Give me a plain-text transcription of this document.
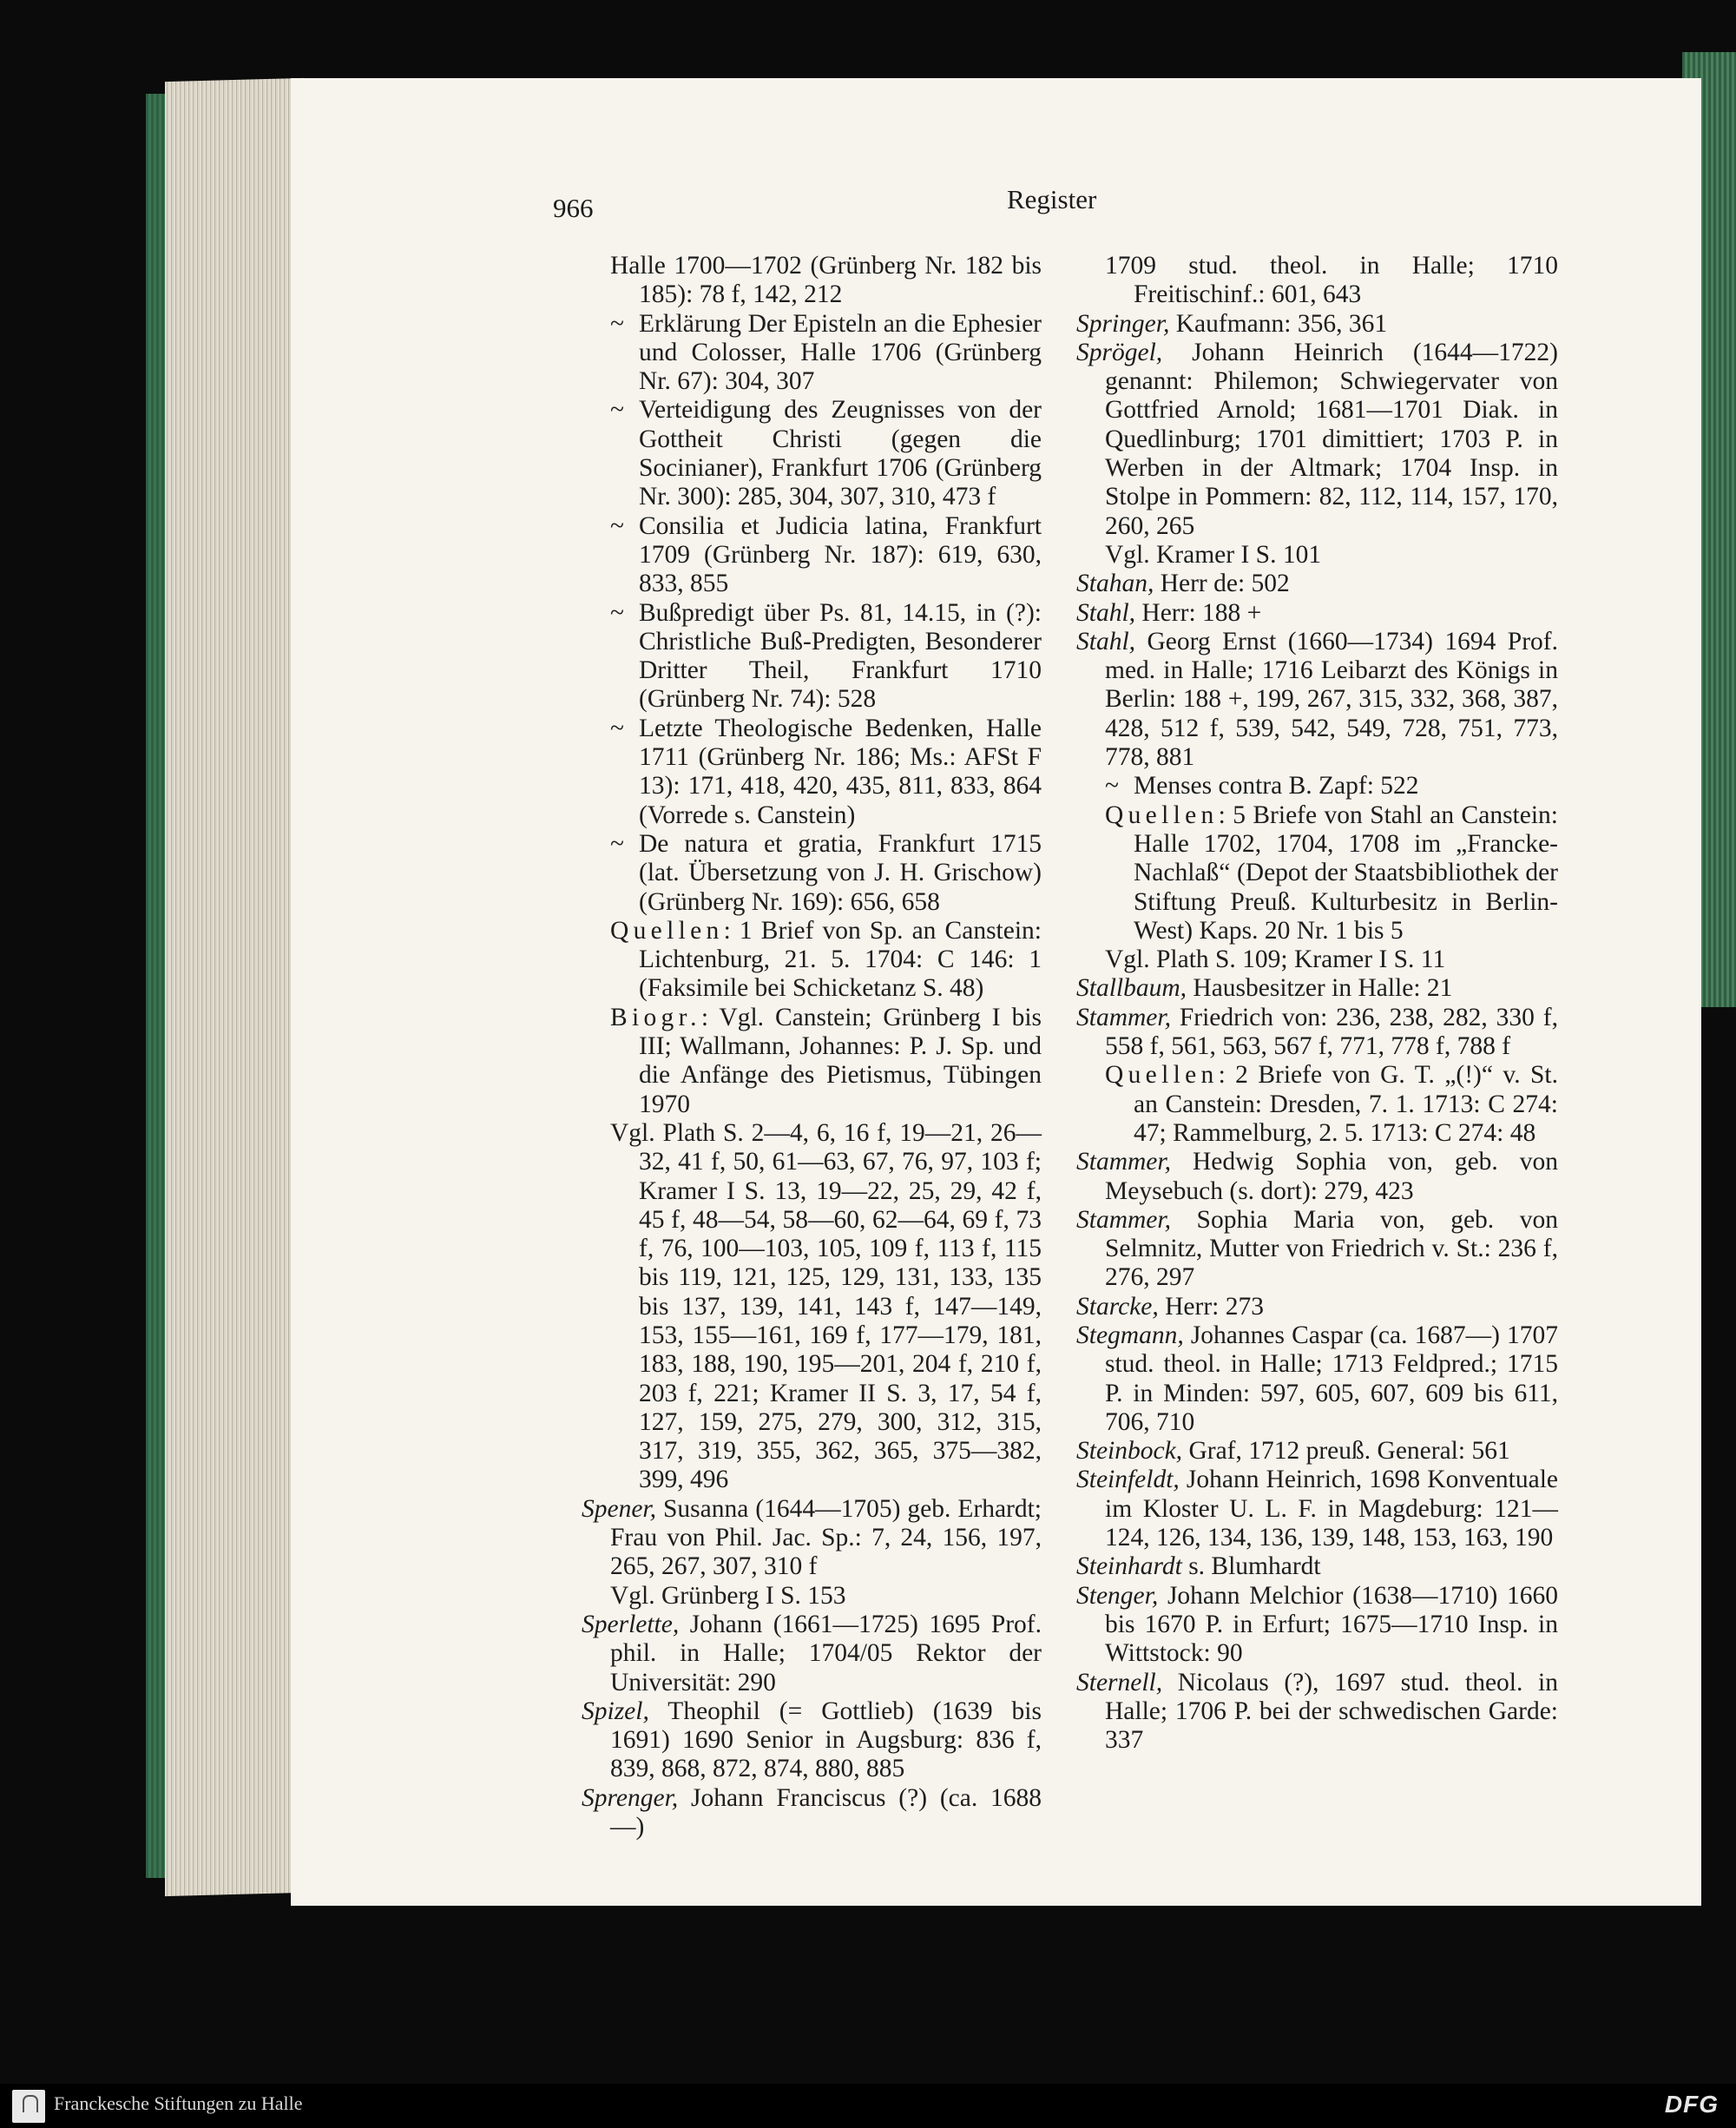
966	Register

Halle 1700—1702 (Grünberg Nr. 182 bis 185): 78 f, 142, 212

~ Erklärung Der Episteln an die Ephesier und Colosser, Halle 1706 (Grünberg Nr. 67): 304, 307

~ Verteidigung des Zeugnisses von der Gottheit Christi (gegen die Socinianer), Frankfurt 1706 (Grünberg Nr. 300): 285, 304, 307, 310, 473 f

~ Consilia et Judicia latina, Frankfurt 1709 (Grünberg Nr. 187): 619, 630, 833, 855

~ Bußpredigt über Ps. 81, 14.15, in (?): Christliche Buß-Predigten, Besonderer Dritter Theil, Frankfurt 1710 (Grünberg Nr. 74): 528

~ Letzte Theologische Bedenken, Halle 1711 (Grünberg Nr. 186; Ms.: AFSt F 13): 171, 418, 420, 435, 811, 833, 864 (Vorrede s. Canstein)

~ De natura et gratia, Frankfurt 1715 (lat. Übersetzung von J. H. Grischow) (Grünberg Nr. 169): 656, 658

Quellen: 1 Brief von Sp. an Canstein: Lichtenburg, 21. 5. 1704: C 146: 1 (Faksimile bei Schicketanz S. 48)

Biogr.: Vgl. Canstein; Grünberg I bis III; Wallmann, Johannes: P. J. Sp. und die Anfänge des Pietismus, Tübingen 1970

Vgl. Plath S. 2—4, 6, 16 f, 19—21, 26—32, 41 f, 50, 61—63, 67, 76, 97, 103 f; Kramer I S. 13, 19—22, 25, 29, 42 f, 45 f, 48—54, 58—60, 62—64, 69 f, 73 f, 76, 100—103, 105, 109 f, 113 f, 115 bis 119, 121, 125, 129, 131, 133, 135 bis 137, 139, 141, 143 f, 147—149, 153, 155—161, 169 f, 177—179, 181, 183, 188, 190, 195—201, 204 f, 210 f, 203 f, 221; Kramer II S. 3, 17, 54 f, 127, 159, 275, 279, 300, 312, 315, 317, 319, 355, 362, 365, 375—382, 399, 496

Spener, Susanna (1644—1705) geb. Erhardt; Frau von Phil. Jac. Sp.: 7, 24, 156, 197, 265, 267, 307, 310 f

Vgl. Grünberg I S. 153

Sperlette, Johann (1661—1725) 1695 Prof. phil. in Halle; 1704/05 Rektor der Universität: 290

Spizel, Theophil (= Gottlieb) (1639 bis 1691) 1690 Senior in Augsburg: 836 f, 839, 868, 872, 874, 880, 885

Sprenger, Johann Franciscus (?) (ca. 1688—)

1709 stud. theol. in Halle; 1710 Freitischinf.: 601, 643

Springer, Kaufmann: 356, 361

Sprögel, Johann Heinrich (1644—1722) genannt: Philemon; Schwiegervater von Gottfried Arnold; 1681—1701 Diak. in Quedlinburg; 1701 dimittiert; 1703 P. in Werben in der Altmark; 1704 Insp. in Stolpe in Pommern: 82, 112, 114, 157, 170, 260, 265

Vgl. Kramer I S. 101

Stahan, Herr de: 502

Stahl, Herr: 188 +

Stahl, Georg Ernst (1660—1734) 1694 Prof. med. in Halle; 1716 Leibarzt des Königs in Berlin: 188 +, 199, 267, 315, 332, 368, 387, 428, 512 f, 539, 542, 549, 728, 751, 773, 778, 881

~ Menses contra B. Zapf: 522

Quellen: 5 Briefe von Stahl an Canstein: Halle 1702, 1704, 1708 im „Francke-Nachlaß“ (Depot der Staatsbibliothek der Stiftung Preuß. Kulturbesitz in Berlin-West) Kaps. 20 Nr. 1 bis 5

Vgl. Plath S. 109; Kramer I S. 11

Stallbaum, Hausbesitzer in Halle: 21

Stammer, Friedrich von: 236, 238, 282, 330 f, 558 f, 561, 563, 567 f, 771, 778 f, 788 f

Quellen: 2 Briefe von G. T. „(!)“ v. St. an Canstein: Dresden, 7. 1. 1713: C 274: 47; Rammelburg, 2. 5. 1713: C 274: 48

Stammer, Hedwig Sophia von, geb. von Meysebuch (s. dort): 279, 423

Stammer, Sophia Maria von, geb. von Selmnitz, Mutter von Friedrich v. St.: 236 f, 276, 297

Starcke, Herr: 273

Stegmann, Johannes Caspar (ca. 1687—) 1707 stud. theol. in Halle; 1713 Feldpred.; 1715 P. in Minden: 597, 605, 607, 609 bis 611, 706, 710

Steinbock, Graf, 1712 preuß. General: 561

Steinfeldt, Johann Heinrich, 1698 Konventuale im Kloster U. L. F. in Magdeburg: 121—124, 126, 134, 136, 139, 148, 153, 163, 190

Steinhardt s. Blumhardt

Stenger, Johann Melchior (1638—1710) 1660 bis 1670 P. in Erfurt; 1675—1710 Insp. in Wittstock: 90

Sternell, Nicolaus (?), 1697 stud. theol. in Halle; 1706 P. bei der schwedischen Garde: 337

Franckesche Stiftungen zu Halle	DFG
